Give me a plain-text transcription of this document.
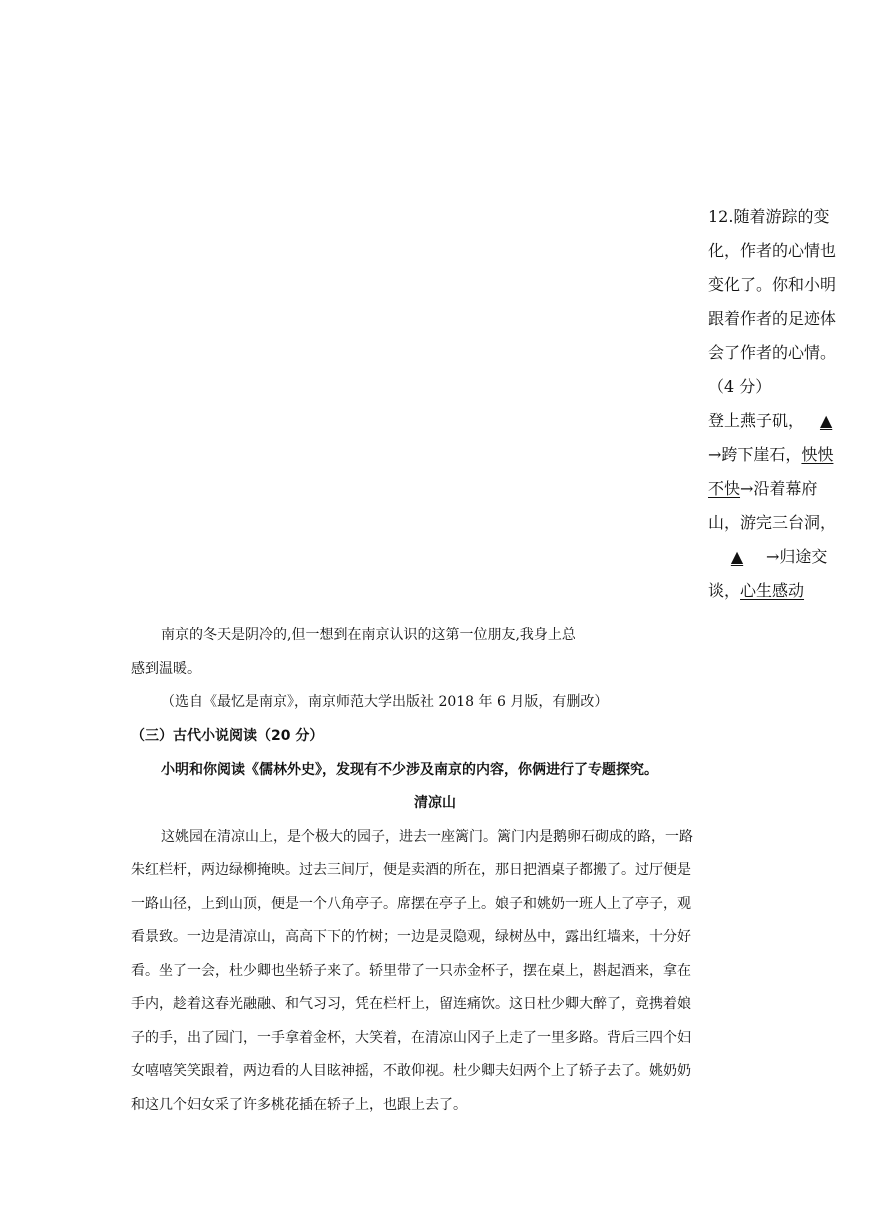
12.随着游踪的变
化，作者的心情也
变化了。你和小明
跟着作者的足迹体
会了作者的心情。
（4 分）
登上燕子矶， ▲
→跨下崖石，怏怏
不快→沿着幕府
山，游完三台洞，
▲ →归途交
谈，心生感动
南京的冬天是阴冷的,但一想到在南京认识的这第一位朋友,我身上总
感到温暖。
（选自《最忆是南京》，南京师范大学出版社 2018 年 6 月版，有删改）
（三）古代小说阅读（20 分）
小明和你阅读《儒林外史》，发现有不少涉及南京的内容，你俩进行了专题探究。
清凉山
这姚园在清凉山上，是个极大的园子，进去一座篱门。篱门内是鹅卵石砌成的路，一路
朱红栏杆，两边绿柳掩映。过去三间厅，便是卖酒的所在，那日把酒桌子都搬了。过厅便是
一路山径，上到山顶，便是一个八角亭子。席摆在亭子上。娘子和姚奶一班人上了亭子，观
看景致。一边是清凉山，高高下下的竹树；一边是灵隐观，绿树丛中，露出红墙来，十分好
看。坐了一会，杜少卿也坐轿子来了。轿里带了一只赤金杯子，摆在桌上，斟起酒来，拿在
手内，趁着这春光融融、和气习习，凭在栏杆上，留连痛饮。这日杜少卿大醉了，竟携着娘
子的手，出了园门，一手拿着金杯，大笑着，在清凉山冈子上走了一里多路。背后三四个妇
女嘻嘻笑笑跟着，两边看的人目眩神摇，不敢仰视。杜少卿夫妇两个上了轿子去了。姚奶奶
和这几个妇女采了许多桃花插在轿子上，也跟上去了。
